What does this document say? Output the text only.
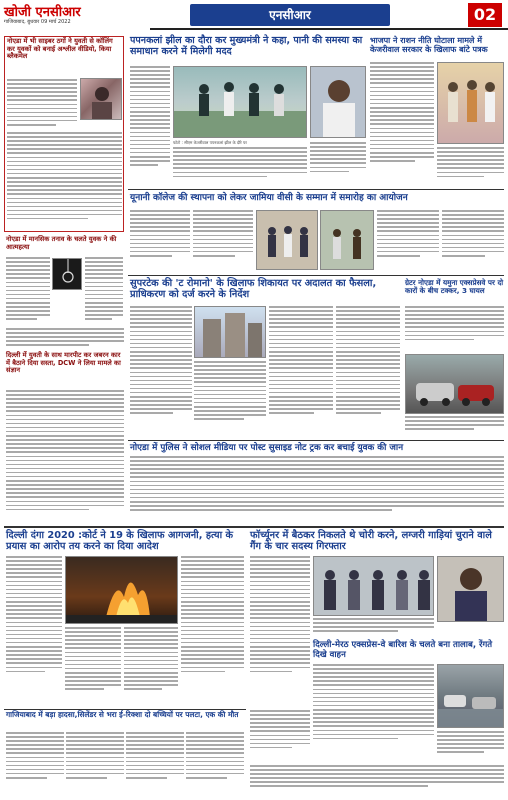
खोजी एनसीआर
गाजियाबाद, बुधवार 09 मार्च 2022	एनसीआर	02
नोएडा में भी साइबर ठगों ने युवती से कॉलिंग कर युवकों को बनाई अश्लील वीडियो, किया ब्लैकमेल
नोएडा में मानसिक तनाव के चलते युवक ने की आत्महत्या
दिल्ली में युवती के साथ मारपीट कर जबरन कार में बैठाने दिया सस्ता, DCW ने लिया मामले का संज्ञान
पपनकलां झील का दौरा कर मुख्यमंत्री ने कहा, पानी की समस्या का समाधान करने में मिलेगी मदद
फोटो : सीएम केजरीवाल पपनकलां झील के दौरे पर
भाजपा ने राशन नीति घोटाला मामले में केजरीवाल सरकार के खिलाफ बांटे पत्रक
यूनानी कॉलेज की स्थापना को लेकर जामिया वीसी के सम्मान में समारोह का आयोजन
सुपरटेक की 'ट रोमानो' के खिलाफ शिकायत पर अदालत का फैसला, प्राधिकरण को दर्ज करने के निर्देश
ग्रेटर नोएडा में यमुना एक्सप्रेसवे पर दो कारों के बीच टक्कर, 3 घायल
नोएडा में पुलिस ने सोशल मीडिया पर पोस्ट सुसाइड नोट ट्रक कर बचाई युवक की जान
दिल्ली दंगा 2020 :कोर्ट ने 19 के खिलाफ आगजनी, हत्या के प्रयास का आरोप तय करने का दिया आदेश
फॉर्च्यूनर में बैठकर निकलते थे चोरी करने, लग्जरी गाड़ियां चुराने वाले गैंग के चार सदस्य गिरफ्तार
दिल्ली-मेरठ एक्सप्रेस-वे बारिश के चलते बना तालाब, रेंगते दिखे वाहन
गाजियाबाद में बड़ा हादसा,सिलेंडर से भरा ई-रिक्शा दो बच्चियों पर पलटा, एक की मौत
